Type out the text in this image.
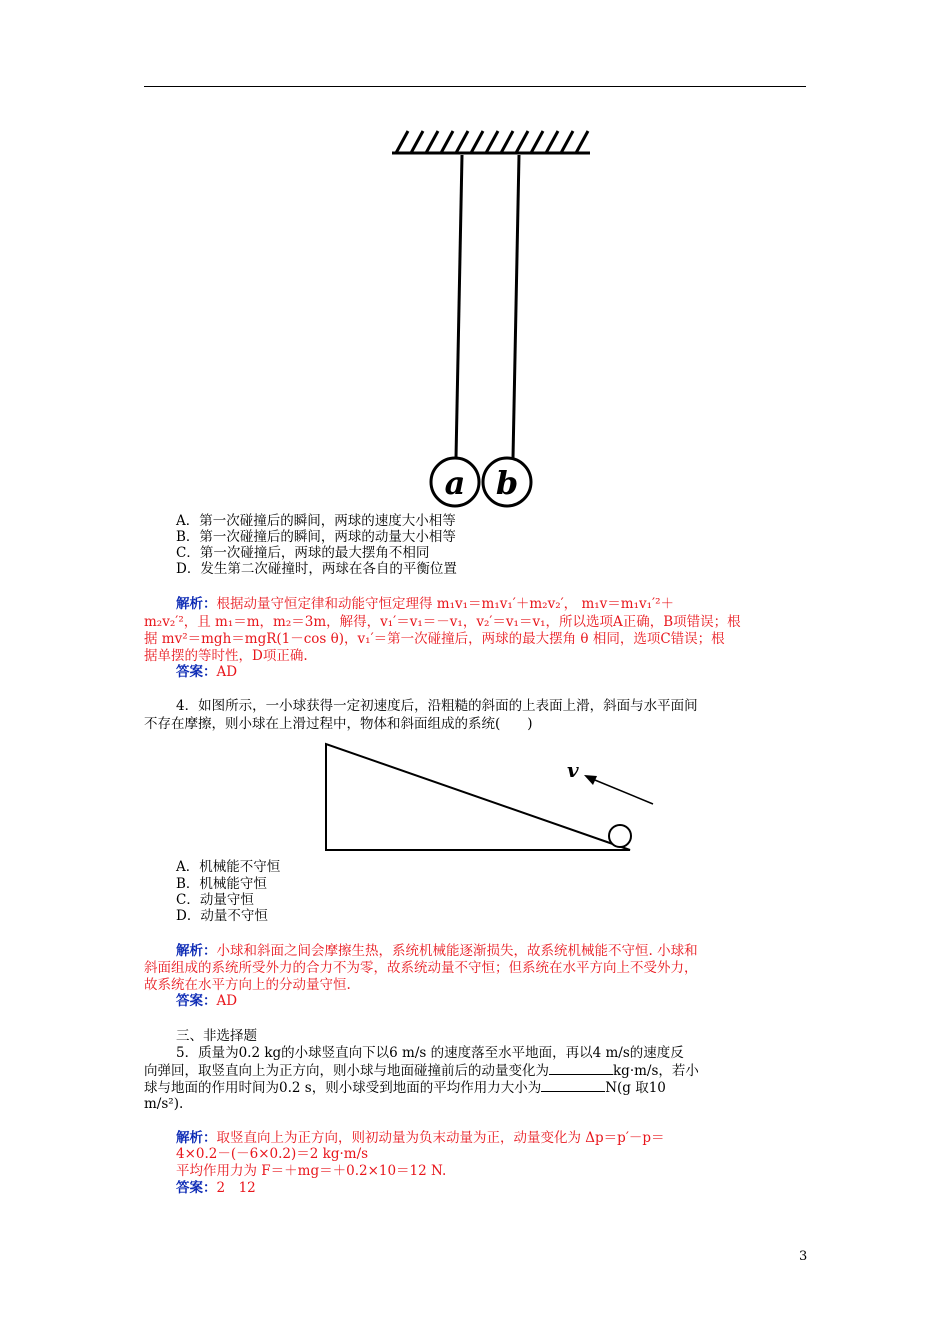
a b
A．第一次碰撞后的瞬间，两球的速度大小相等
B．第一次碰撞后的瞬间，两球的动量大小相等
C．第一次碰撞后，两球的最大摆角不相同
D．发生第二次碰撞时，两球在各自的平衡位置
解析：根据动量守恒定律和动能守恒定理得 m₁v₁＝m₁v₁′＋m₂v₂′， m₁v＝m₁v₁′²＋
m₂v₂′²，且 m₁＝m，m₂＝3m，解得，v₁′＝v₁＝－v₁，v₂′＝v₁＝v₁，所以选项A正确，B项错误；根
据 mv²＝mgh＝mgR(1－cos θ)，v₁′＝第一次碰撞后，两球的最大摆角 θ 相同，选项C错误；根
据单摆的等时性，D项正确.
答案：AD
4．如图所示，一小球获得一定初速度后，沿粗糙的斜面的上表面上滑，斜面与水平面间
不存在摩擦，则小球在上滑过程中，物体和斜面组成的系统(　　)
v
A．机械能不守恒
B．机械能守恒
C．动量守恒
D．动量不守恒
解析：小球和斜面之间会摩擦生热，系统机械能逐渐损失，故系统机械能不守恒. 小球和
斜面组成的系统所受外力的合力不为零，故系统动量不守恒；但系统在水平方向上不受外力，
故系统在水平方向上的分动量守恒.
答案：AD
三、非选择题
5．质量为0.2 kg的小球竖直向下以6 m/s 的速度落至水平地面，再以4 m/s的速度反
向弹回，取竖直向上为正方向，则小球与地面碰撞前后的动量变化为	kg·m/s，若小
球与地面的作用时间为0.2 s，则小球受到地面的平均作用力大小为	N(g 取10
m/s²).
解析：取竖直向上为正方向，则初动量为负末动量为正，动量变化为 Δp＝p′－p＝
4×0.2－(－6×0.2)＝2 kg·m/s
平均作用力为 F＝＋mg＝＋0.2×10＝12 N.
答案：2　12
3
